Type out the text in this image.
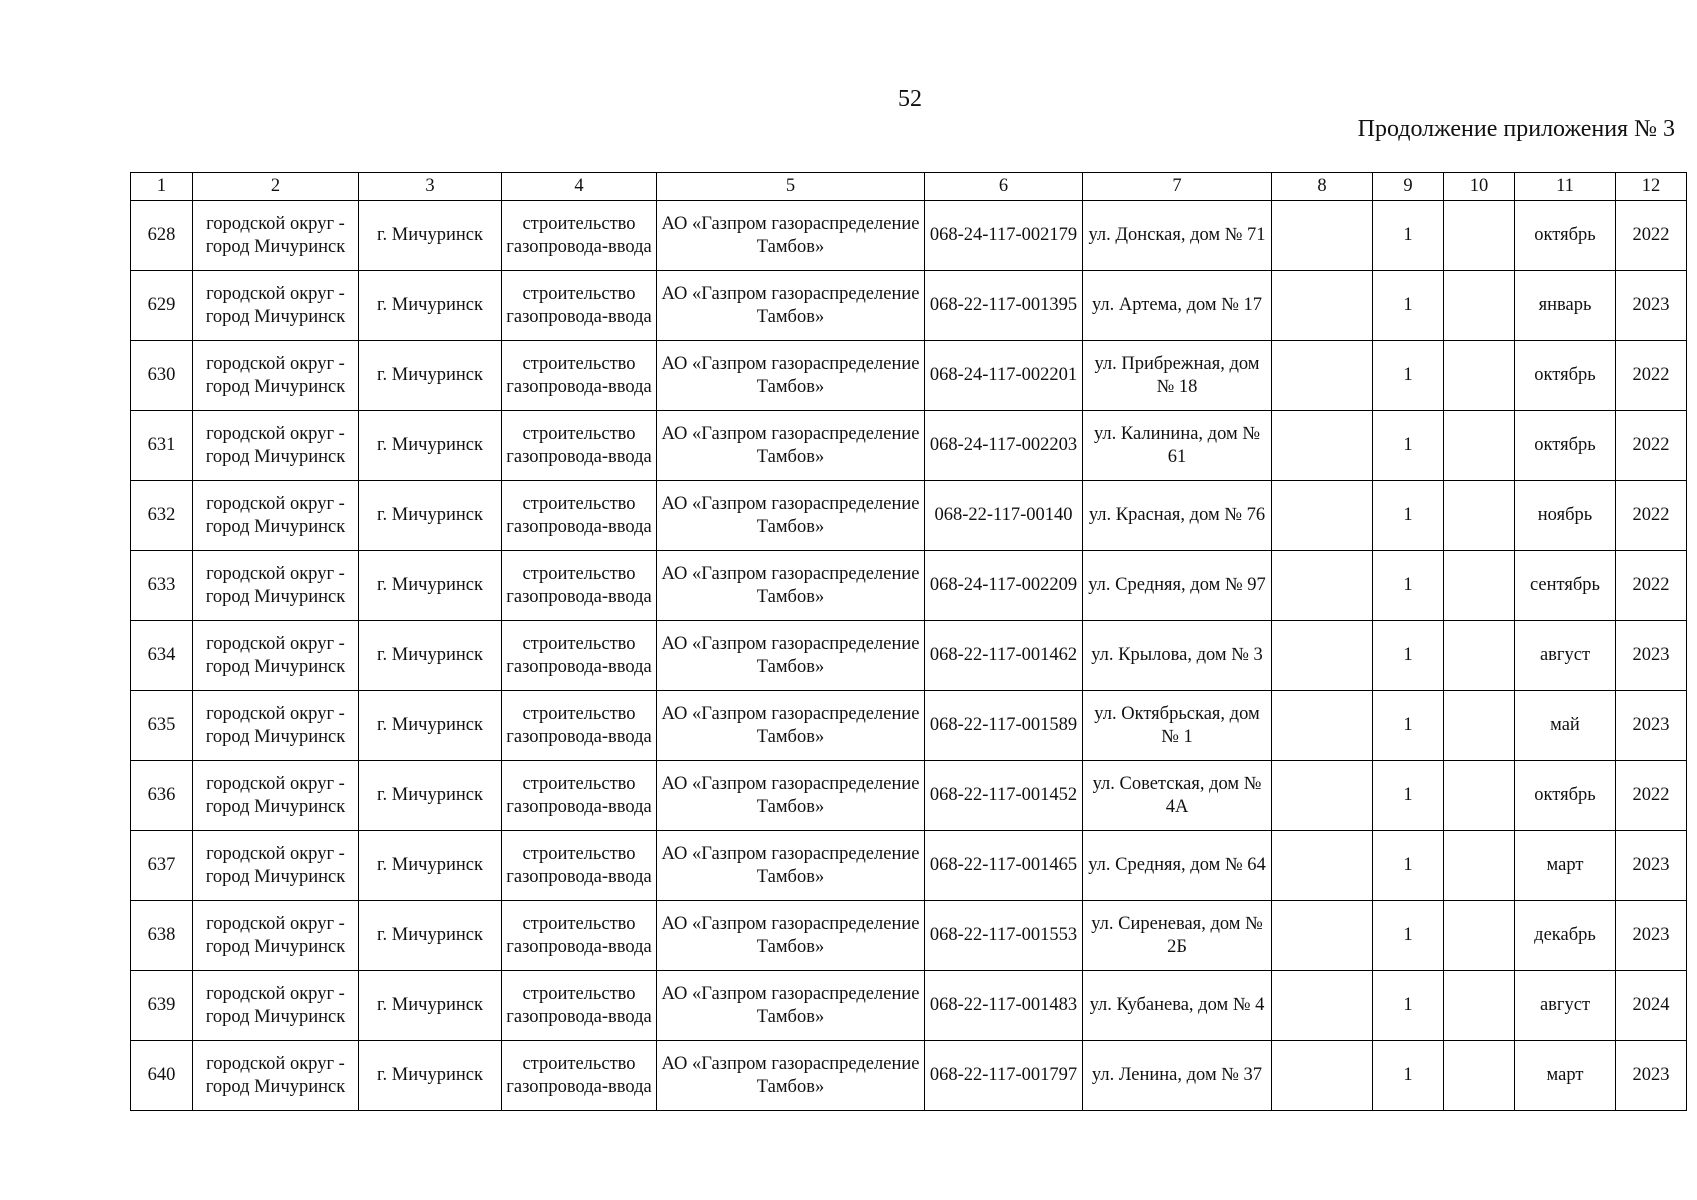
52
Продолжение приложения № 3
1	2	3	4	5	6	7	8	9	10	11	12
628	городской округ - город Мичуринск	г. Мичуринск	строительство газопровода-ввода	АО «Газпром газораспределение Тамбов»	068-24-117-002179	ул. Донская, дом № 71		1		октябрь	2022
629	городской округ - город Мичуринск	г. Мичуринск	строительство газопровода-ввода	АО «Газпром газораспределение Тамбов»	068-22-117-001395	ул. Артема, дом № 17		1		январь	2023
630	городской округ - город Мичуринск	г. Мичуринск	строительство газопровода-ввода	АО «Газпром газораспределение Тамбов»	068-24-117-002201	ул. Прибрежная, дом № 18		1		октябрь	2022
631	городской округ - город Мичуринск	г. Мичуринск	строительство газопровода-ввода	АО «Газпром газораспределение Тамбов»	068-24-117-002203	ул. Калинина, дом № 61		1		октябрь	2022
632	городской округ - город Мичуринск	г. Мичуринск	строительство газопровода-ввода	АО «Газпром газораспределение Тамбов»	068-22-117-00140	ул. Красная, дом № 76		1		ноябрь	2022
633	городской округ - город Мичуринск	г. Мичуринск	строительство газопровода-ввода	АО «Газпром газораспределение Тамбов»	068-24-117-002209	ул. Средняя, дом № 97		1		сентябрь	2022
634	городской округ - город Мичуринск	г. Мичуринск	строительство газопровода-ввода	АО «Газпром газораспределение Тамбов»	068-22-117-001462	ул. Крылова, дом № 3		1		август	2023
635	городской округ - город Мичуринск	г. Мичуринск	строительство газопровода-ввода	АО «Газпром газораспределение Тамбов»	068-22-117-001589	ул. Октябрьская, дом № 1		1		май	2023
636	городской округ - город Мичуринск	г. Мичуринск	строительство газопровода-ввода	АО «Газпром газораспределение Тамбов»	068-22-117-001452	ул. Советская, дом № 4А		1		октябрь	2022
637	городской округ - город Мичуринск	г. Мичуринск	строительство газопровода-ввода	АО «Газпром газораспределение Тамбов»	068-22-117-001465	ул. Средняя, дом № 64		1		март	2023
638	городской округ - город Мичуринск	г. Мичуринск	строительство газопровода-ввода	АО «Газпром газораспределение Тамбов»	068-22-117-001553	ул. Сиреневая, дом № 2Б		1		декабрь	2023
639	городской округ - город Мичуринск	г. Мичуринск	строительство газопровода-ввода	АО «Газпром газораспределение Тамбов»	068-22-117-001483	ул. Кубанева, дом № 4		1		август	2024
640	городской округ - город Мичуринск	г. Мичуринск	строительство газопровода-ввода	АО «Газпром газораспределение Тамбов»	068-22-117-001797	ул. Ленина, дом № 37		1		март	2023
